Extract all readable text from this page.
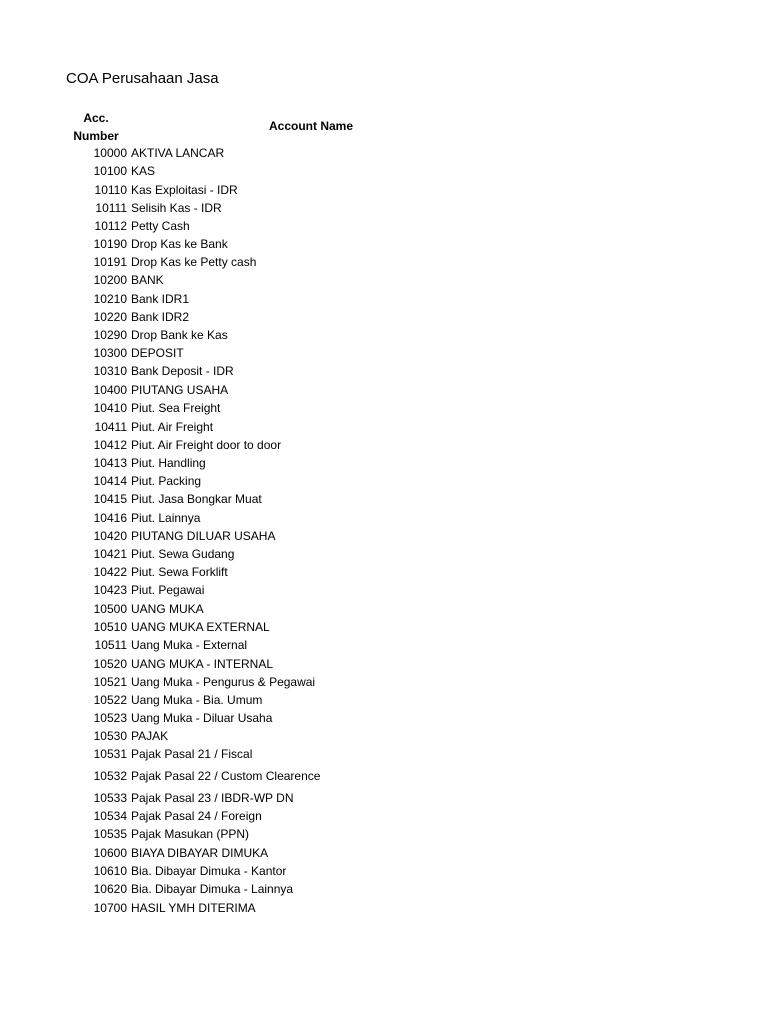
COA Perusahaan Jasa
Acc.
Number
Account Name
10000 AKTIVA LANCAR
10100 KAS
10110 Kas Exploitasi - IDR
10111 Selisih Kas - IDR
10112 Petty Cash
10190 Drop Kas ke Bank
10191 Drop Kas ke Petty cash
10200 BANK
10210 Bank IDR1
10220 Bank IDR2
10290 Drop Bank ke Kas
10300 DEPOSIT
10310 Bank Deposit - IDR
10400 PIUTANG USAHA
10410 Piut. Sea Freight
10411 Piut. Air Freight
10412 Piut. Air Freight door to door
10413 Piut. Handling
10414 Piut. Packing
10415 Piut. Jasa Bongkar Muat
10416 Piut. Lainnya
10420 PIUTANG DILUAR USAHA
10421 Piut. Sewa Gudang
10422 Piut. Sewa Forklift
10423 Piut. Pegawai
10500 UANG MUKA
10510 UANG MUKA EXTERNAL
10511 Uang Muka - External
10520 UANG MUKA - INTERNAL
10521 Uang Muka - Pengurus & Pegawai
10522 Uang Muka - Bia. Umum
10523 Uang Muka - Diluar Usaha
10530 PAJAK
10531 Pajak Pasal 21 / Fiscal
10532 Pajak Pasal 22 / Custom Clearence
10533 Pajak Pasal 23 / IBDR-WP DN
10534 Pajak Pasal 24 / Foreign
10535 Pajak Masukan (PPN)
10600 BIAYA DIBAYAR DIMUKA
10610 Bia. Dibayar Dimuka - Kantor
10620 Bia. Dibayar Dimuka - Lainnya
10700 HASIL YMH DITERIMA
